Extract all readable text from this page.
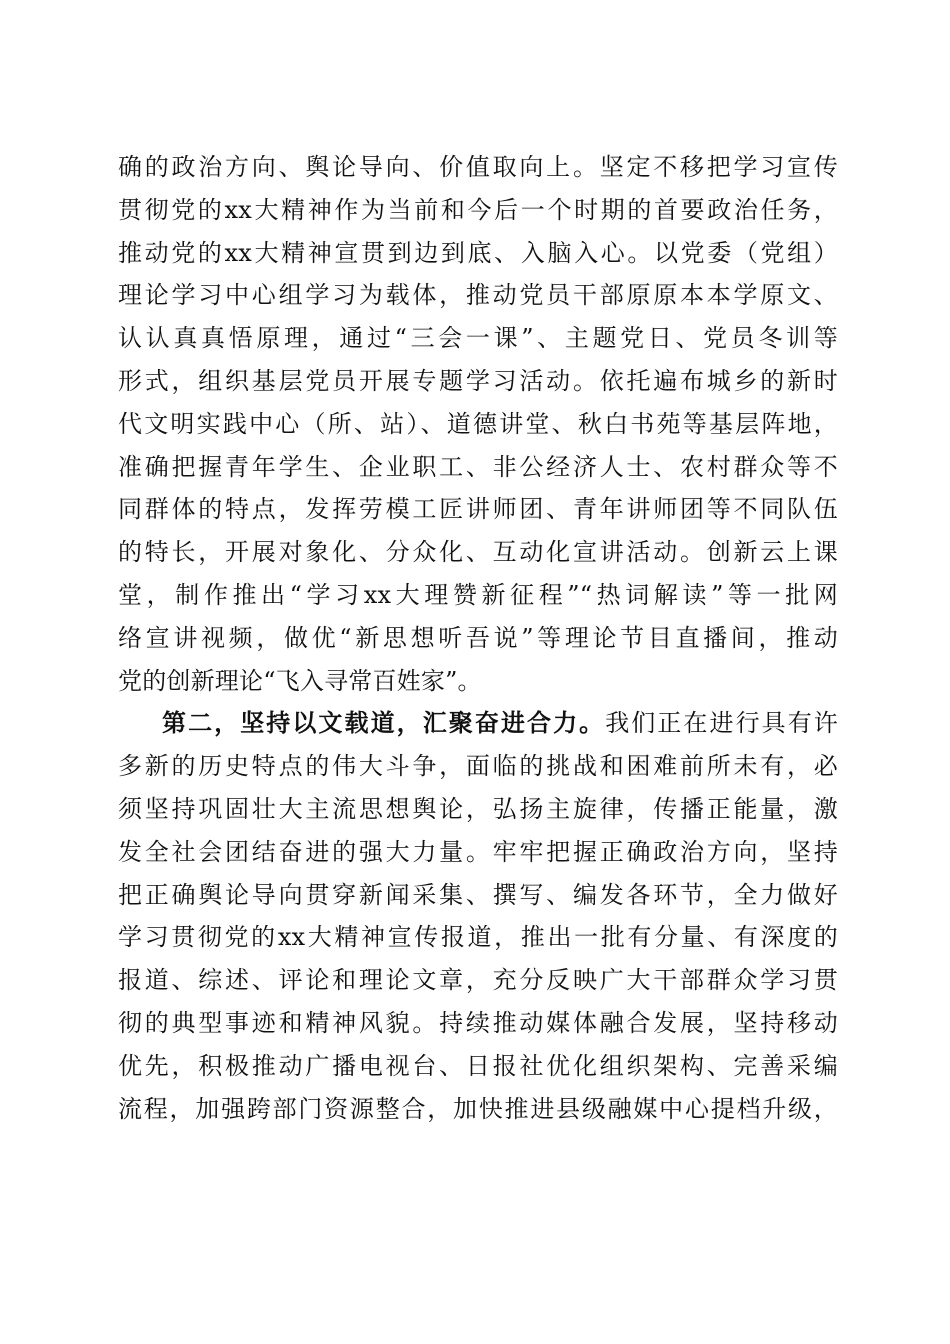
确的政治方向、舆论导向、价值取向上。坚定不移把学习宣传
贯彻党的xx大精神作为当前和今后一个时期的首要政治任务，
推动党的xx大精神宣贯到边到底、入脑入心。以党委（党组）
理论学习中心组学习为载体，推动党员干部原原本本学原文、
认认真真悟原理，通过“三会一课”、主题党日、党员冬训等
形式，组织基层党员开展专题学习活动。依托遍布城乡的新时
代文明实践中心（所、站）、道德讲堂、秋白书苑等基层阵地，
准确把握青年学生、企业职工、非公经济人士、农村群众等不
同群体的特点，发挥劳模工匠讲师团、青年讲师团等不同队伍
的特长，开展对象化、分众化、互动化宣讲活动。创新云上课
堂，制作推出“学习xx大理赞新征程”“热词解读”等一批网
络宣讲视频，做优“新思想听吾说”等理论节目直播间，推动
党的创新理论“飞入寻常百姓家”。
第二，坚持以文载道，汇聚奋进合力。我们正在进行具有许
多新的历史特点的伟大斗争，面临的挑战和困难前所未有，必
须坚持巩固壮大主流思想舆论，弘扬主旋律，传播正能量，激
发全社会团结奋进的强大力量。牢牢把握正确政治方向，坚持
把正确舆论导向贯穿新闻采集、撰写、编发各环节，全力做好
学习贯彻党的xx大精神宣传报道，推出一批有分量、有深度的
报道、综述、评论和理论文章，充分反映广大干部群众学习贯
彻的典型事迹和精神风貌。持续推动媒体融合发展，坚持移动
优先，积极推动广播电视台、日报社优化组织架构、完善采编
流程，加强跨部门资源整合，加快推进县级融媒中心提档升级，
